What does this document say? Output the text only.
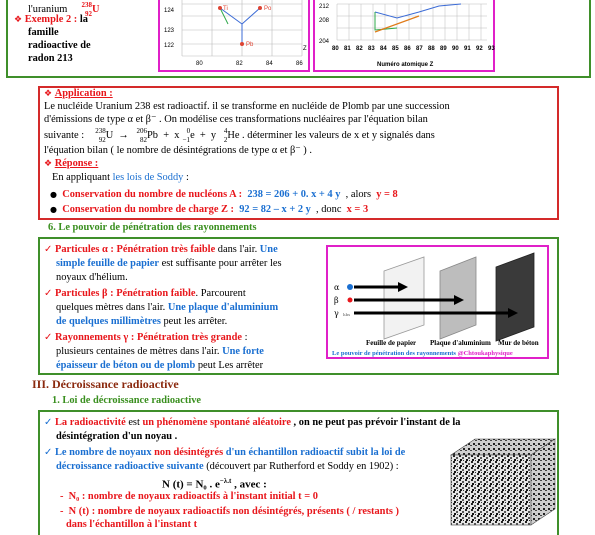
l'uranium 238
92 U
❖ Exemple 2 : la
famille
radioactive de
radon 213
124
123
122
80	82	84	86
Z
Ti	Po
Pb
212
208
204
80 81 82 83 84 85 86 87 88 89 90 91 92 93
Numéro atomique Z
❖ Application :
Le nucléide Uranium 238 est radioactif. il se transforme en nucléide de Plomb par une succession
d'émissions de type α et β⁻ . On modélise ces transformations nucléaires par l'équation bilan
suivante : 238
92 U  → 206
82 Pb  +  x 0
−1 e  +  y 4
2 He . déterminer les valeurs de x et y signalés dans
l'équation bilan ( le nombre de désintégrations de type α et β⁻ ) .
❖ Réponse :
En appliquant les lois de Soddy :
● Conservation du nombre de nucléons A : 238 = 206 + 0. x + 4 y , alors y = 8
● Conservation du nombre de charge Z : 92 = 82 – x + 2 y , donc x = 3
6. Le pouvoir de pénétration des rayonnements
✓ Particules α : Pénétration très faible dans l'air. Une
simple feuille de papier est suffisante pour arrêter les
noyaux d'hélium.
✓ Particules β : Pénétration faible. Parcourent
quelques mètres dans l'air. Une plaque d'aluminium
de quelques millimètres peut les arrêter.
✓ Rayonnements γ : Pénétration très grande :
plusieurs centaines de mètres dans l'air. Une forte
épaisseur de béton ou de plomb peut Les arrêter
α
β
γ hbs
Feuille de papier Plaque d'aluminium Mur de béton
Le pouvoir de pénétration des rayonnements @Chtoukaphysique
III. Décroissance radioactive
1. Loi de décroissance radioactive
✓ La radioactivité est un phénomène spontané aléatoire , on ne peut pas prévoir l'instant de la
désintégration d'un noyau .
✓ Le nombre de noyaux non désintégrés d'un échantillon radioactif subit la loi de
décroissance radioactive suivante (découvert par Rutherford et Soddy en 1902) :
N (t) = N₀ . $e^{-\lambda.t}$ , avec :
-  N₀ : nombre de noyaux radioactifs à l'instant initial t = 0
-  N (t) : nombre de noyaux radioactifs non désintégrés, présents ( / restants )
dans l'échantillon à l'instant t
